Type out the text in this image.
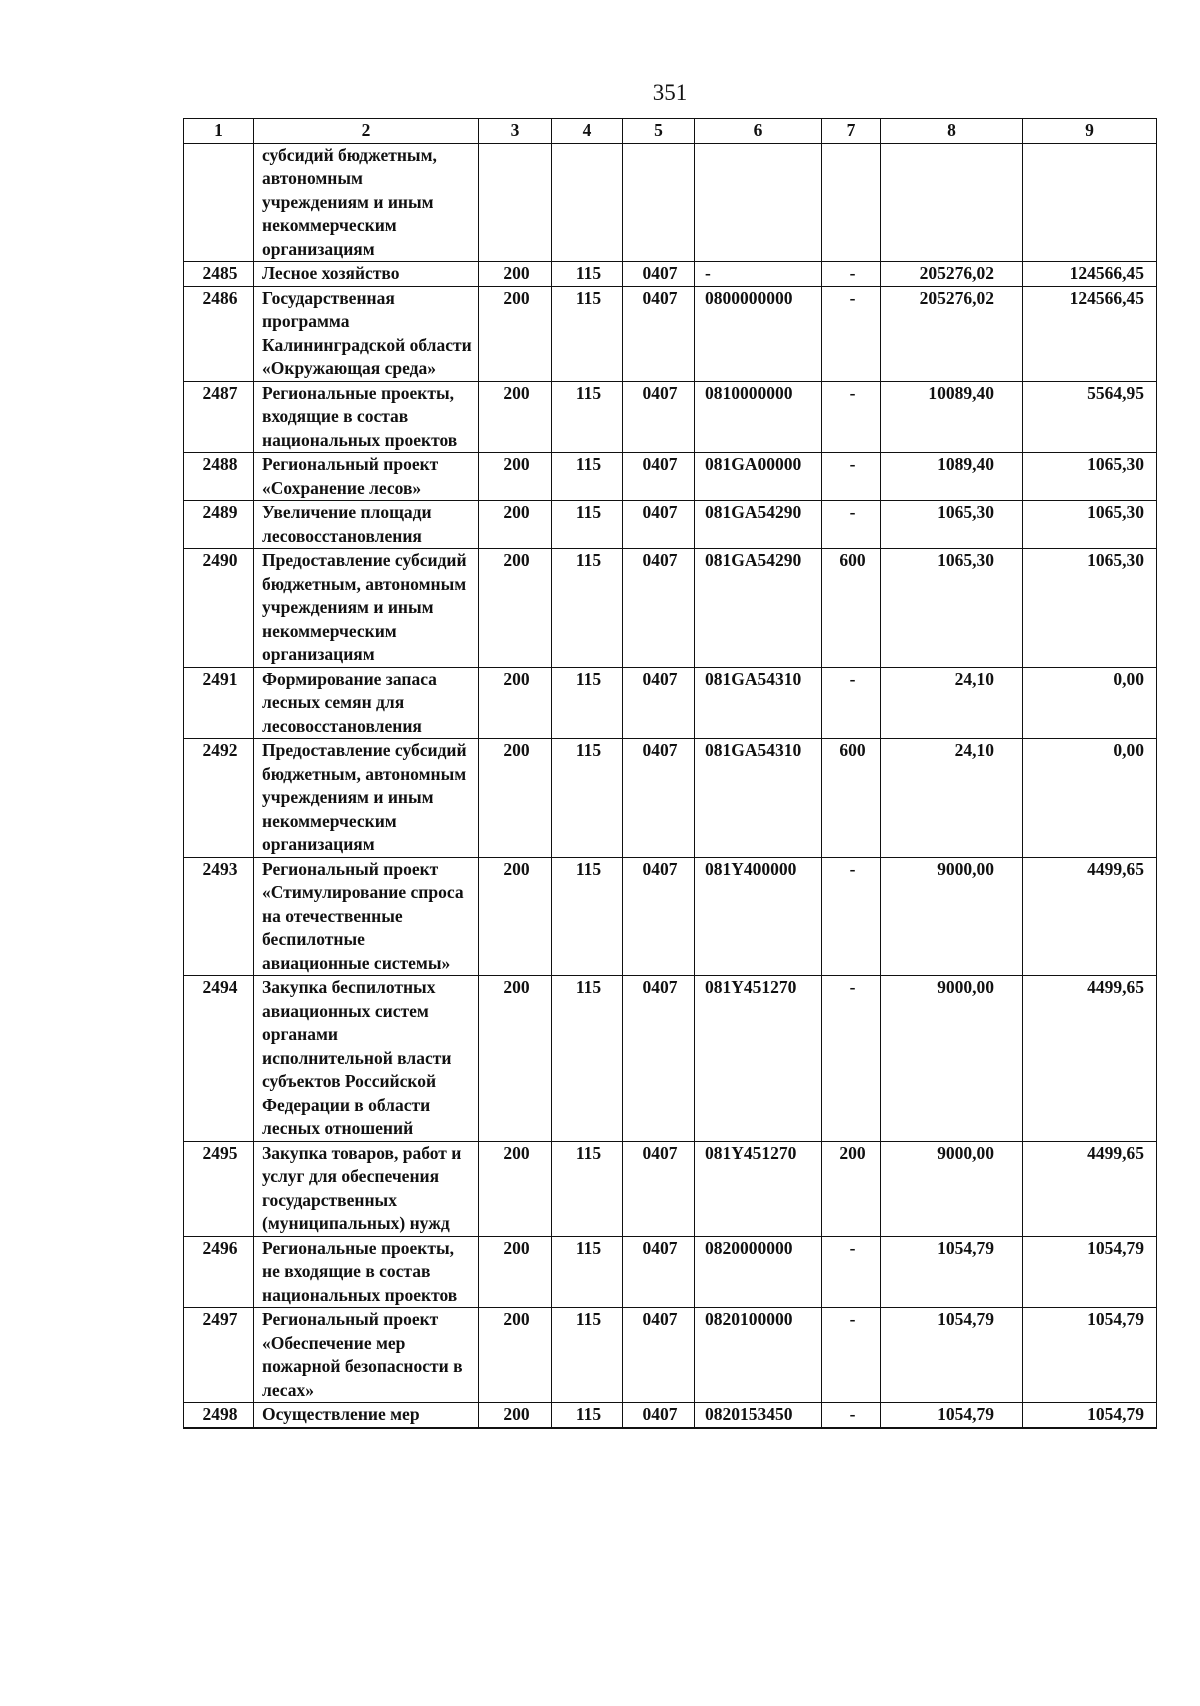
351
1	2	3	4	5	6	7	8	9
	субсидий бюджетным, автономным учреждениям и иным некоммерческим организациям							
2485	Лесное хозяйство	200	115	0407	-	-	205276,02	124566,45
2486	Государственная программа Калининградской области «Окружающая среда»	200	115	0407	0800000000	-	205276,02	124566,45
2487	Региональные проекты, входящие в состав национальных проектов	200	115	0407	0810000000	-	10089,40	5564,95
2488	Региональный проект «Сохранение лесов»	200	115	0407	081GA00000	-	1089,40	1065,30
2489	Увеличение площади лесовосстановления	200	115	0407	081GA54290	-	1065,30	1065,30
2490	Предоставление субсидий бюджетным, автономным учреждениям и иным некоммерческим организациям	200	115	0407	081GA54290	600	1065,30	1065,30
2491	Формирование запаса лесных семян для лесовосстановления	200	115	0407	081GA54310	-	24,10	0,00
2492	Предоставление субсидий бюджетным, автономным учреждениям и иным некоммерческим организациям	200	115	0407	081GA54310	600	24,10	0,00
2493	Региональный проект «Стимулирование спроса на отечественные беспилотные авиационные системы»	200	115	0407	081Y400000	-	9000,00	4499,65
2494	Закупка беспилотных авиационных систем органами исполнительной власти субъектов Российской Федерации в области лесных отношений	200	115	0407	081Y451270	-	9000,00	4499,65
2495	Закупка товаров, работ и услуг для обеспечения государственных (муниципальных) нужд	200	115	0407	081Y451270	200	9000,00	4499,65
2496	Региональные проекты, не входящие в состав национальных проектов	200	115	0407	0820000000	-	1054,79	1054,79
2497	Региональный проект «Обеспечение мер пожарной безопасности в лесах»	200	115	0407	0820100000	-	1054,79	1054,79
2498	Осуществление мер	200	115	0407	0820153450	-	1054,79	1054,79
